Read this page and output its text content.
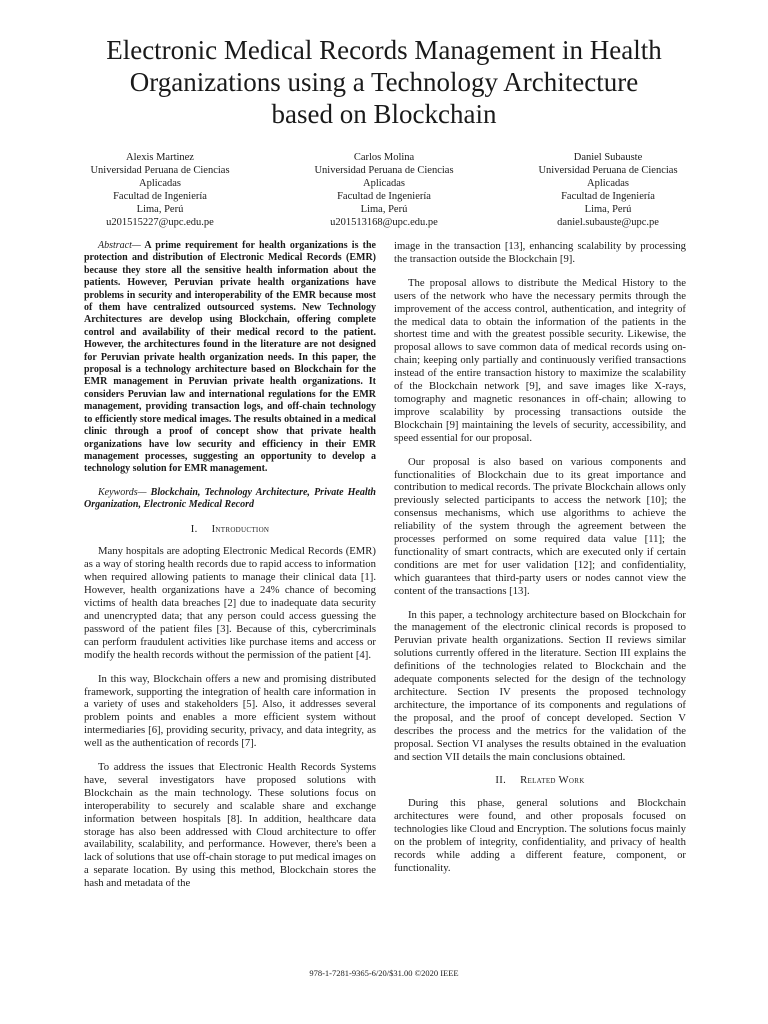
Electronic Medical Records Management in Health
Organizations using a Technology Architecture
based on Blockchain
Alexis Martinez
Universidad Peruana de Ciencias
Aplicadas
Facultad de Ingeniería
Lima, Perú
u201515227@upc.edu.pe
Carlos Molina
Universidad Peruana de Ciencias
Aplicadas
Facultad de Ingeniería
Lima, Perú
u201513168@upc.edu.pe
Daniel Subauste
Universidad Peruana de Ciencias
Aplicadas
Facultad de Ingeniería
Lima, Perú
daniel.subauste@upc.pe

Abstract— A prime requirement for health organizations is the protection and distribution of Electronic Medical Records (EMR) because they store all the sensitive health information about the patients. However, Peruvian private health organizations have problems in security and interoperability of the EMR because most of them have centralized outsourced systems. New Technology Architectures are develop using Blockchain, offering complete control and availability of their medical record to the patient. However, the architectures found in the literature are not designed for Peruvian private health organization needs. In this paper, the proposal is a technology architecture based on Blockchain for the EMR management in Peruvian private health organizations. It considers Peruvian law and international regulations for the EMR management, providing transaction logs, and off-chain technology to efficiently store medical images. The results obtained in a medical clinic through a proof of concept show that private health organizations have low security and efficiency in their EMR management processes, suggesting an opportunity to develop a technology solution for EMR management.

Keywords— Blockchain, Technology Architecture, Private Health Organization, Electronic Medical Record

I. Introduction

Many hospitals are adopting Electronic Medical Records (EMR) as a way of storing health records due to rapid access to information when required allowing patients to manage their clinical data [1]. However, health organizations have a 24% chance of becoming victims of health data breaches [2] due to inadequate data security and unencrypted data; that any person could access guessing the password of the patient files [3]. Because of this, cybercriminals can perform fraudulent activities like purchase items and access or modify the health records without the permission of the patient [4].

In this way, Blockchain offers a new and promising distributed framework, supporting the integration of health care information in a variety of uses and stakeholders [5]. Also, it addresses several problem points and enables a more efficient system without intermediaries [6], providing security, privacy, and data integrity, as well as the authentication of records [7].

To address the issues that Electronic Health Records Systems have, several investigators have proposed solutions with Blockchain as the main technology. These solutions focus on interoperability to securely and scalable share and exchange information between hospitals [8]. In addition, healthcare data storage has also been addressed with Cloud architecture to offer availability, scalability, and performance. However, there's been a lack of solutions that use off-chain storage to put medical images on a separate location. By using this method, Blockchain stores the hash and metadata of the

image in the transaction [13], enhancing scalability by processing the transaction outside the Blockchain [9].

The proposal allows to distribute the Medical History to the users of the network who have the necessary permits through the improvement of the access control, authentication, and integrity of the medical data to obtain the information of the patients in the shortest time and with the greatest possible security. Likewise, the proposal allows to save common data of medical records using on-chain; keeping only partially and continuously verified transactions instead of the entire transaction history to maximize the scalability of the Blockchain network [9], and save images like X-rays, tomography and magnetic resonances in off-chain; allowing to improve scalability by processing transactions outside the Blockchain [9] maintaining the levels of security, accessibility, and speed essential for our proposal.

Our proposal is also based on various components and functionalities of Blockchain due to its great importance and contribution to medical records. The private Blockchain allows only previously selected participants to access the network [10]; the consensus mechanisms, which use algorithms to achieve the reliability of the system through the agreement between the processes performed on some required data value [11]; the functionality of smart contracts, which are executed only if certain conditions are met for user validation [12]; and confidentiality, which guarantees that third-party users or nodes cannot view the content of the transactions [13].

In this paper, a technology architecture based on Blockchain for the management of the electronic clinical records is proposed to Peruvian private health organizations. Section II reviews similar solutions currently offered in the literature. Section III explains the definitions of the technologies related to Blockchain and the adequate components selected for the design of the technology architecture. Section IV presents the proposed technology architecture, the importance of its components and regulations of the proposal, and the proof of concept developed. Section V describes the process and the metrics for the validation of the proposal. Section VI analyses the results obtained in the evaluation and section VII details the main conclusions obtained.

II. Related Work

During this phase, general solutions and Blockchain architectures were found, and other proposals focused on technologies like Cloud and Encryption. The solutions focus mainly on the problem of integrity, confidentiality, and privacy of health records while adding a different feature, component, or functionality.

978-1-7281-9365-6/20/$31.00 ©2020 IEEE
